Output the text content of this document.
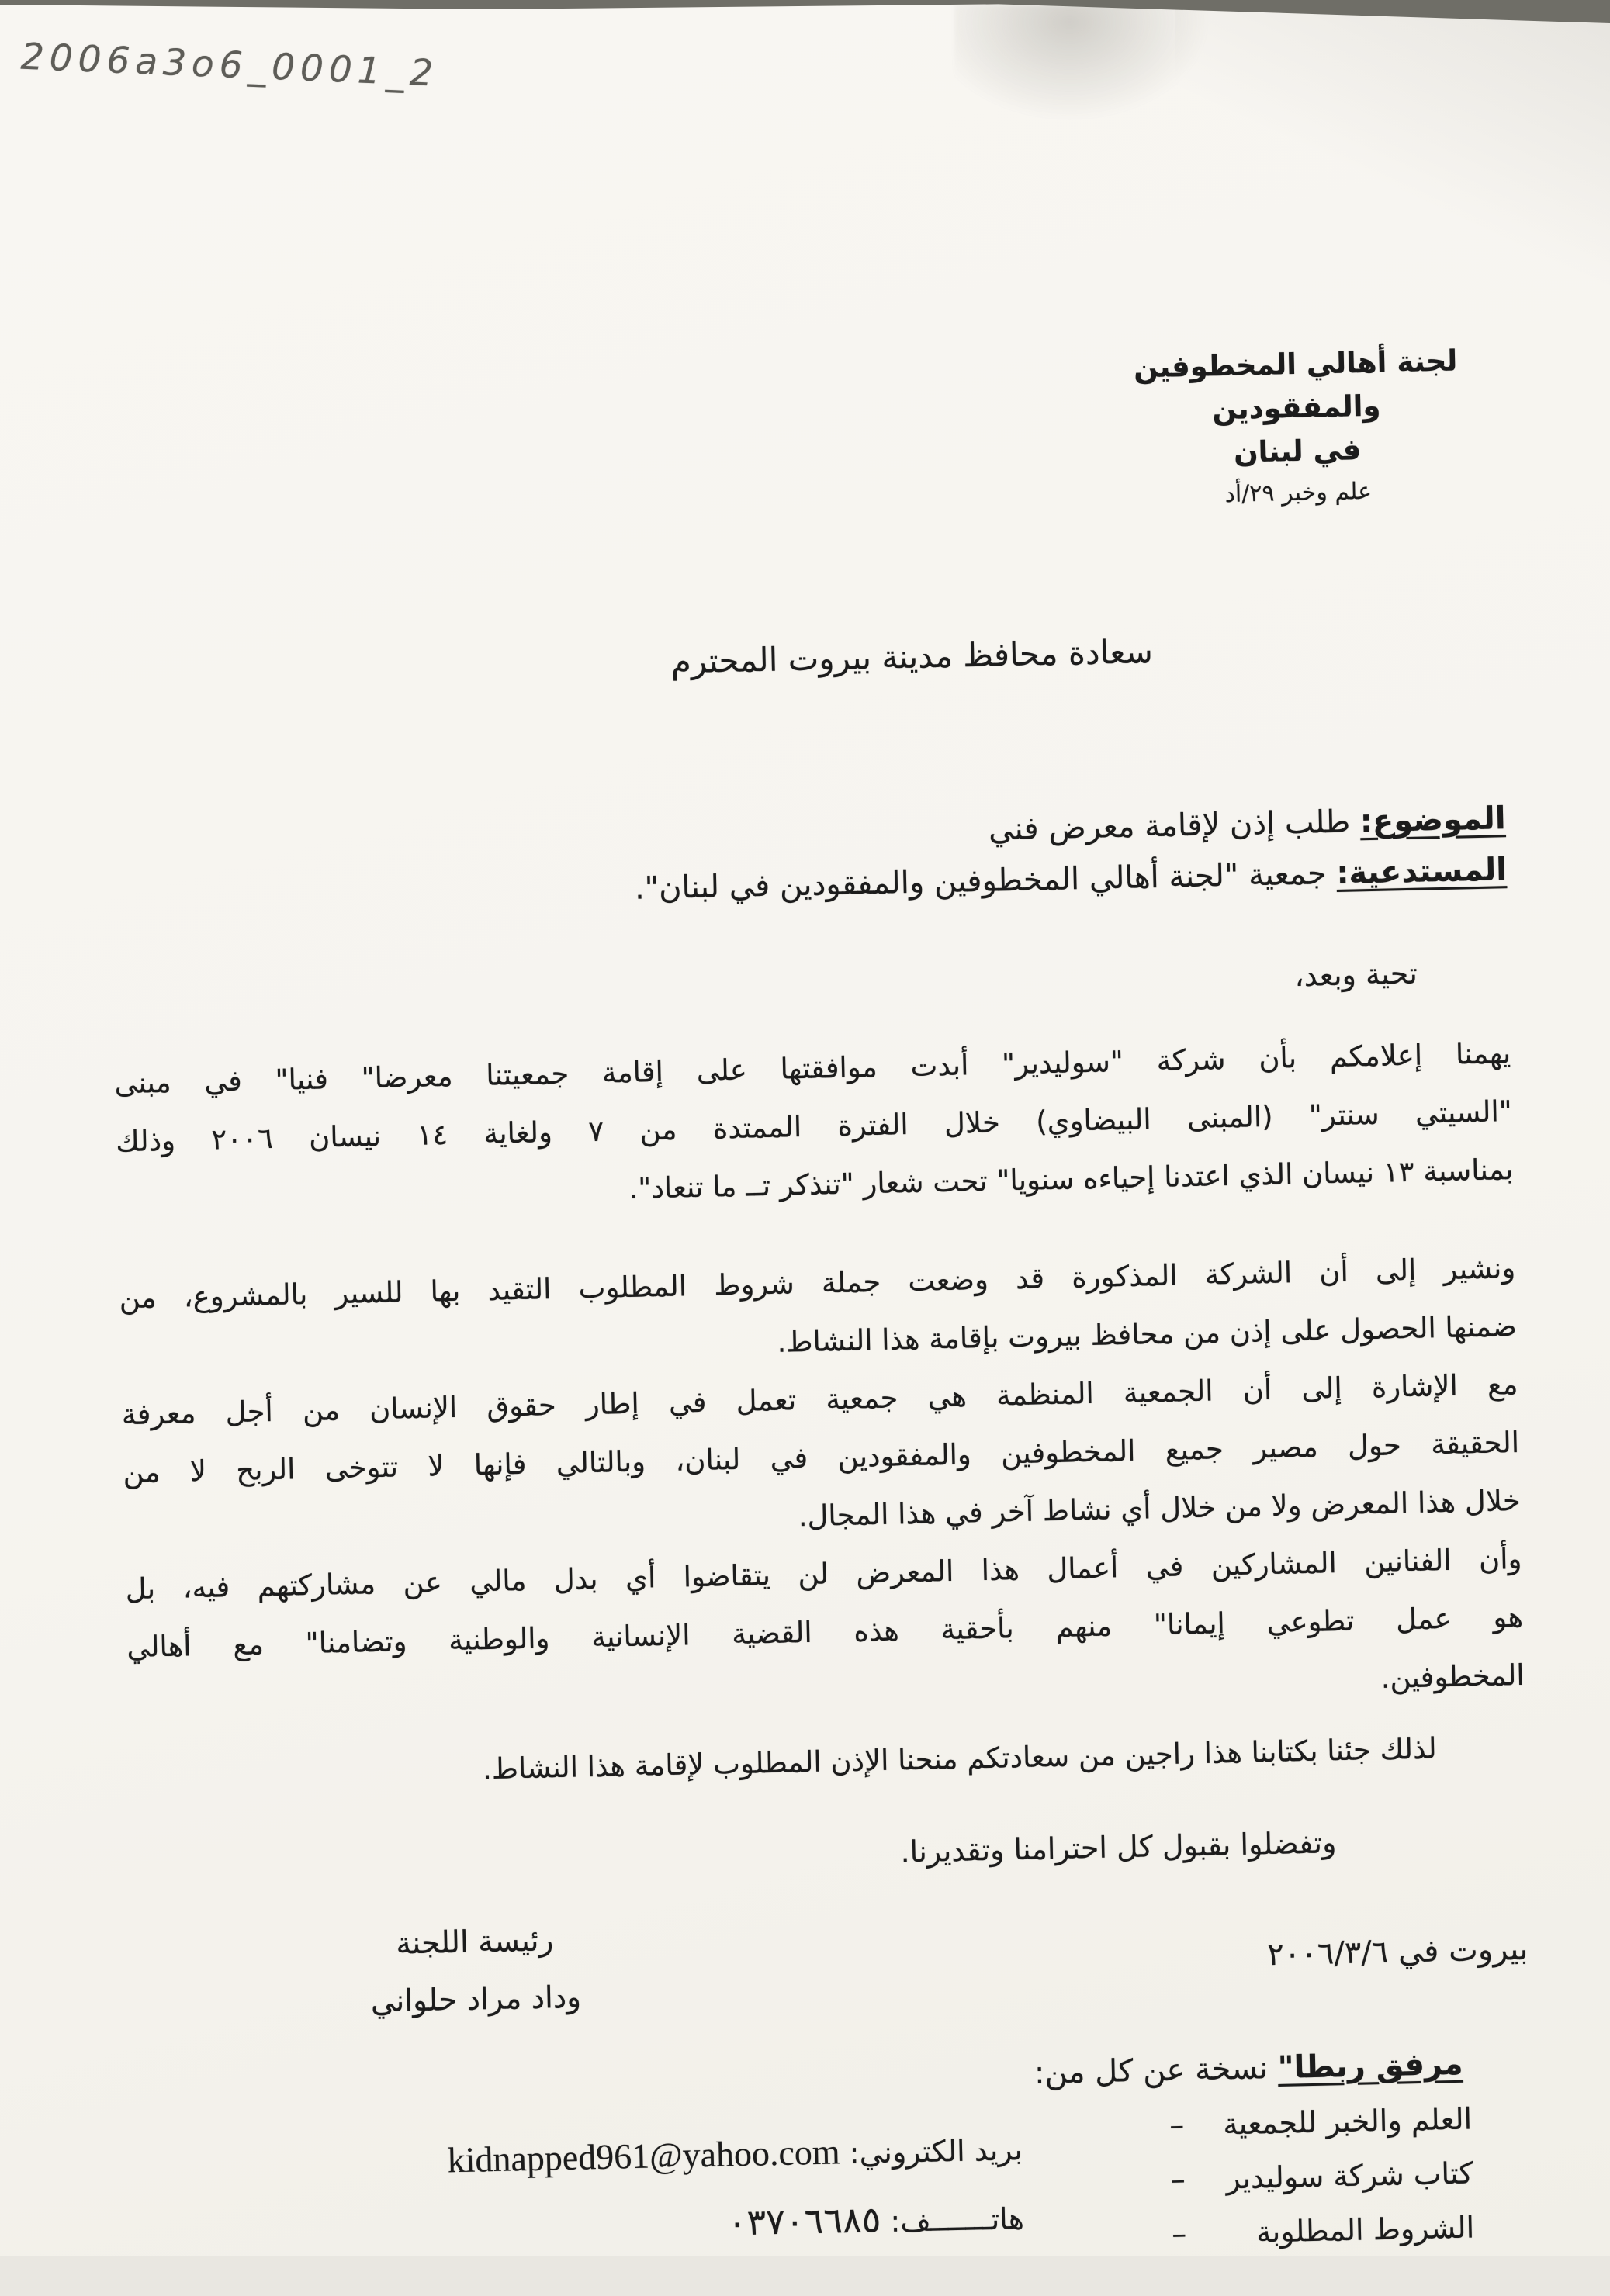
2006a3o6_0001_2
لجنة أهالي المخطوفين والمفقودين
في لبنان
علم وخبر ٢٩/أد
سعادة محافظ مدينة بيروت المحترم
الموضوع: طلب إذن لإقامة معرض فني
المستدعية: جمعية "لجنة أهالي المخطوفين والمفقودين في لبنان".
تحية وبعد،
يهمنا إعلامكم بأن شركة "سوليدير" أبدت موافقتها على إقامة جمعيتنا معرضا" فنيا" في مبنى
"السيتي سنتر" (المبنى البيضاوي) خلال الفترة الممتدة من ٧ ولغاية ١٤ نيسان ٢٠٠٦ وذلك
بمناسبة ١٣ نيسان الذي اعتدنا إحياءه سنويا" تحت شعار "تنذكر تــ ما تنعاد".
ونشير إلى أن الشركة المذكورة قد وضعت جملة شروط المطلوب التقيد بها للسير بالمشروع، من
ضمنها الحصول على إذن من محافظ بيروت بإقامة هذا النشاط.
مع الإشارة إلى أن الجمعية المنظمة هي جمعية تعمل في إطار حقوق الإنسان من أجل معرفة
الحقيقة حول مصير جميع المخطوفين والمفقودين في لبنان، وبالتالي فإنها لا تتوخى الربح لا من
خلال هذا المعرض ولا من خلال أي نشاط آخر في هذا المجال.
وأن الفنانين المشاركين في أعمال هذا المعرض لن يتقاضوا أي بدل مالي عن مشاركتهم فيه، بل
هو عمل تطوعي إيمانا" منهم بأحقية هذه القضية الإنسانية والوطنية وتضامنا" مع أهالي
المخطوفين.
لذلك جئنا بكتابنا هذا راجين من سعادتكم منحنا الإذن المطلوب لإقامة هذا النشاط.
وتفضلوا بقبول كل احترامنا وتقديرنا.
بيروت في ٢٠٠٦/٣/٦
رئيسة اللجنة
وداد مراد حلواني
مرفق ربطا" نسخة عن كل من:
– العلم والخبر للجمعية
– كتاب شركة سوليدير
– الشروط المطلوبة
بريد الكتروني: kidnapped961@yahoo.com
هاتـــــــف: ٠٣٧٠٦٦٨٥
